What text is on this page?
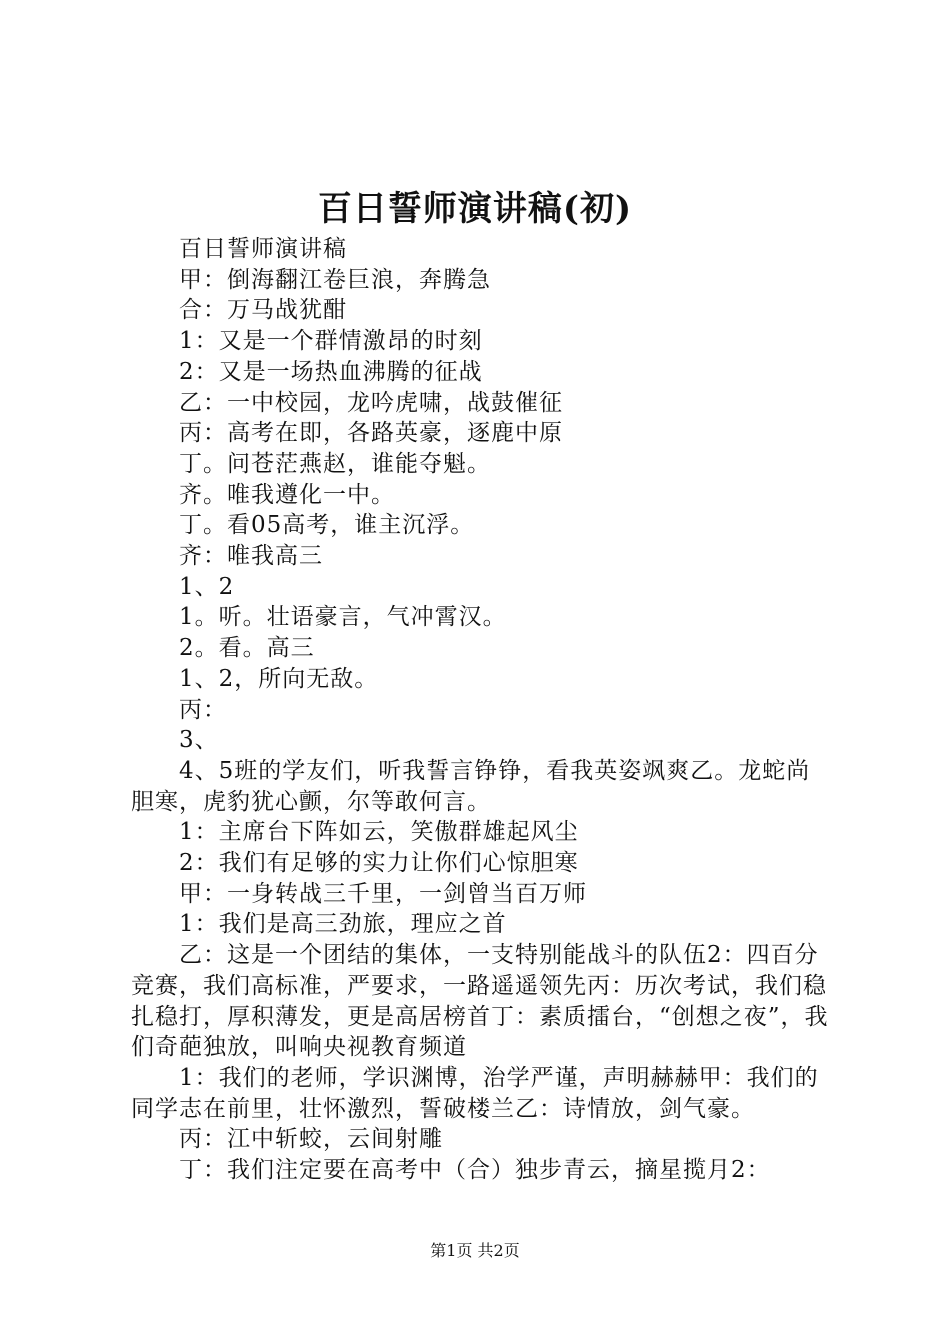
百日誓师演讲稿(初)

百日誓师演讲稿

甲：倒海翻江卷巨浪，奔腾急

合：万马战犹酣

1：又是一个群情激昂的时刻

2：又是一场热血沸腾的征战

乙：一中校园，龙吟虎啸，战鼓催征

丙：高考在即，各路英豪，逐鹿中原

丁。问苍茫燕赵，谁能夺魁。

齐。唯我遵化一中。

丁。看05高考，谁主沉浮。

齐：唯我高三

1、2

1。听。壮语豪言，气冲霄汉。

2。看。高三

1、2，所向无敌。

丙：

3、

4、5班的学友们，听我誓言铮铮，看我英姿飒爽乙。龙蛇尚胆寒，虎豹犹心颤，尔等敢何言。

1：主席台下阵如云，笑傲群雄起风尘

2：我们有足够的实力让你们心惊胆寒

甲：一身转战三千里，一剑曾当百万师

1：我们是高三劲旅，理应之首

乙：这是一个团结的集体，一支特别能战斗的队伍2：四百分竞赛，我们高标准，严要求，一路遥遥领先丙：历次考试，我们稳扎稳打，厚积薄发，更是高居榜首丁：素质擂台，“创想之夜”，我们奇葩独放，叫响央视教育频道

1：我们的老师，学识渊博，治学严谨，声明赫赫甲：我们的同学志在前里，壮怀激烈，誓破楼兰乙：诗情放，剑气豪。

丙：江中斩蛟，云间射雕

丁：我们注定要在高考中（合）独步青云，摘星揽月2：

第1页 共2页
